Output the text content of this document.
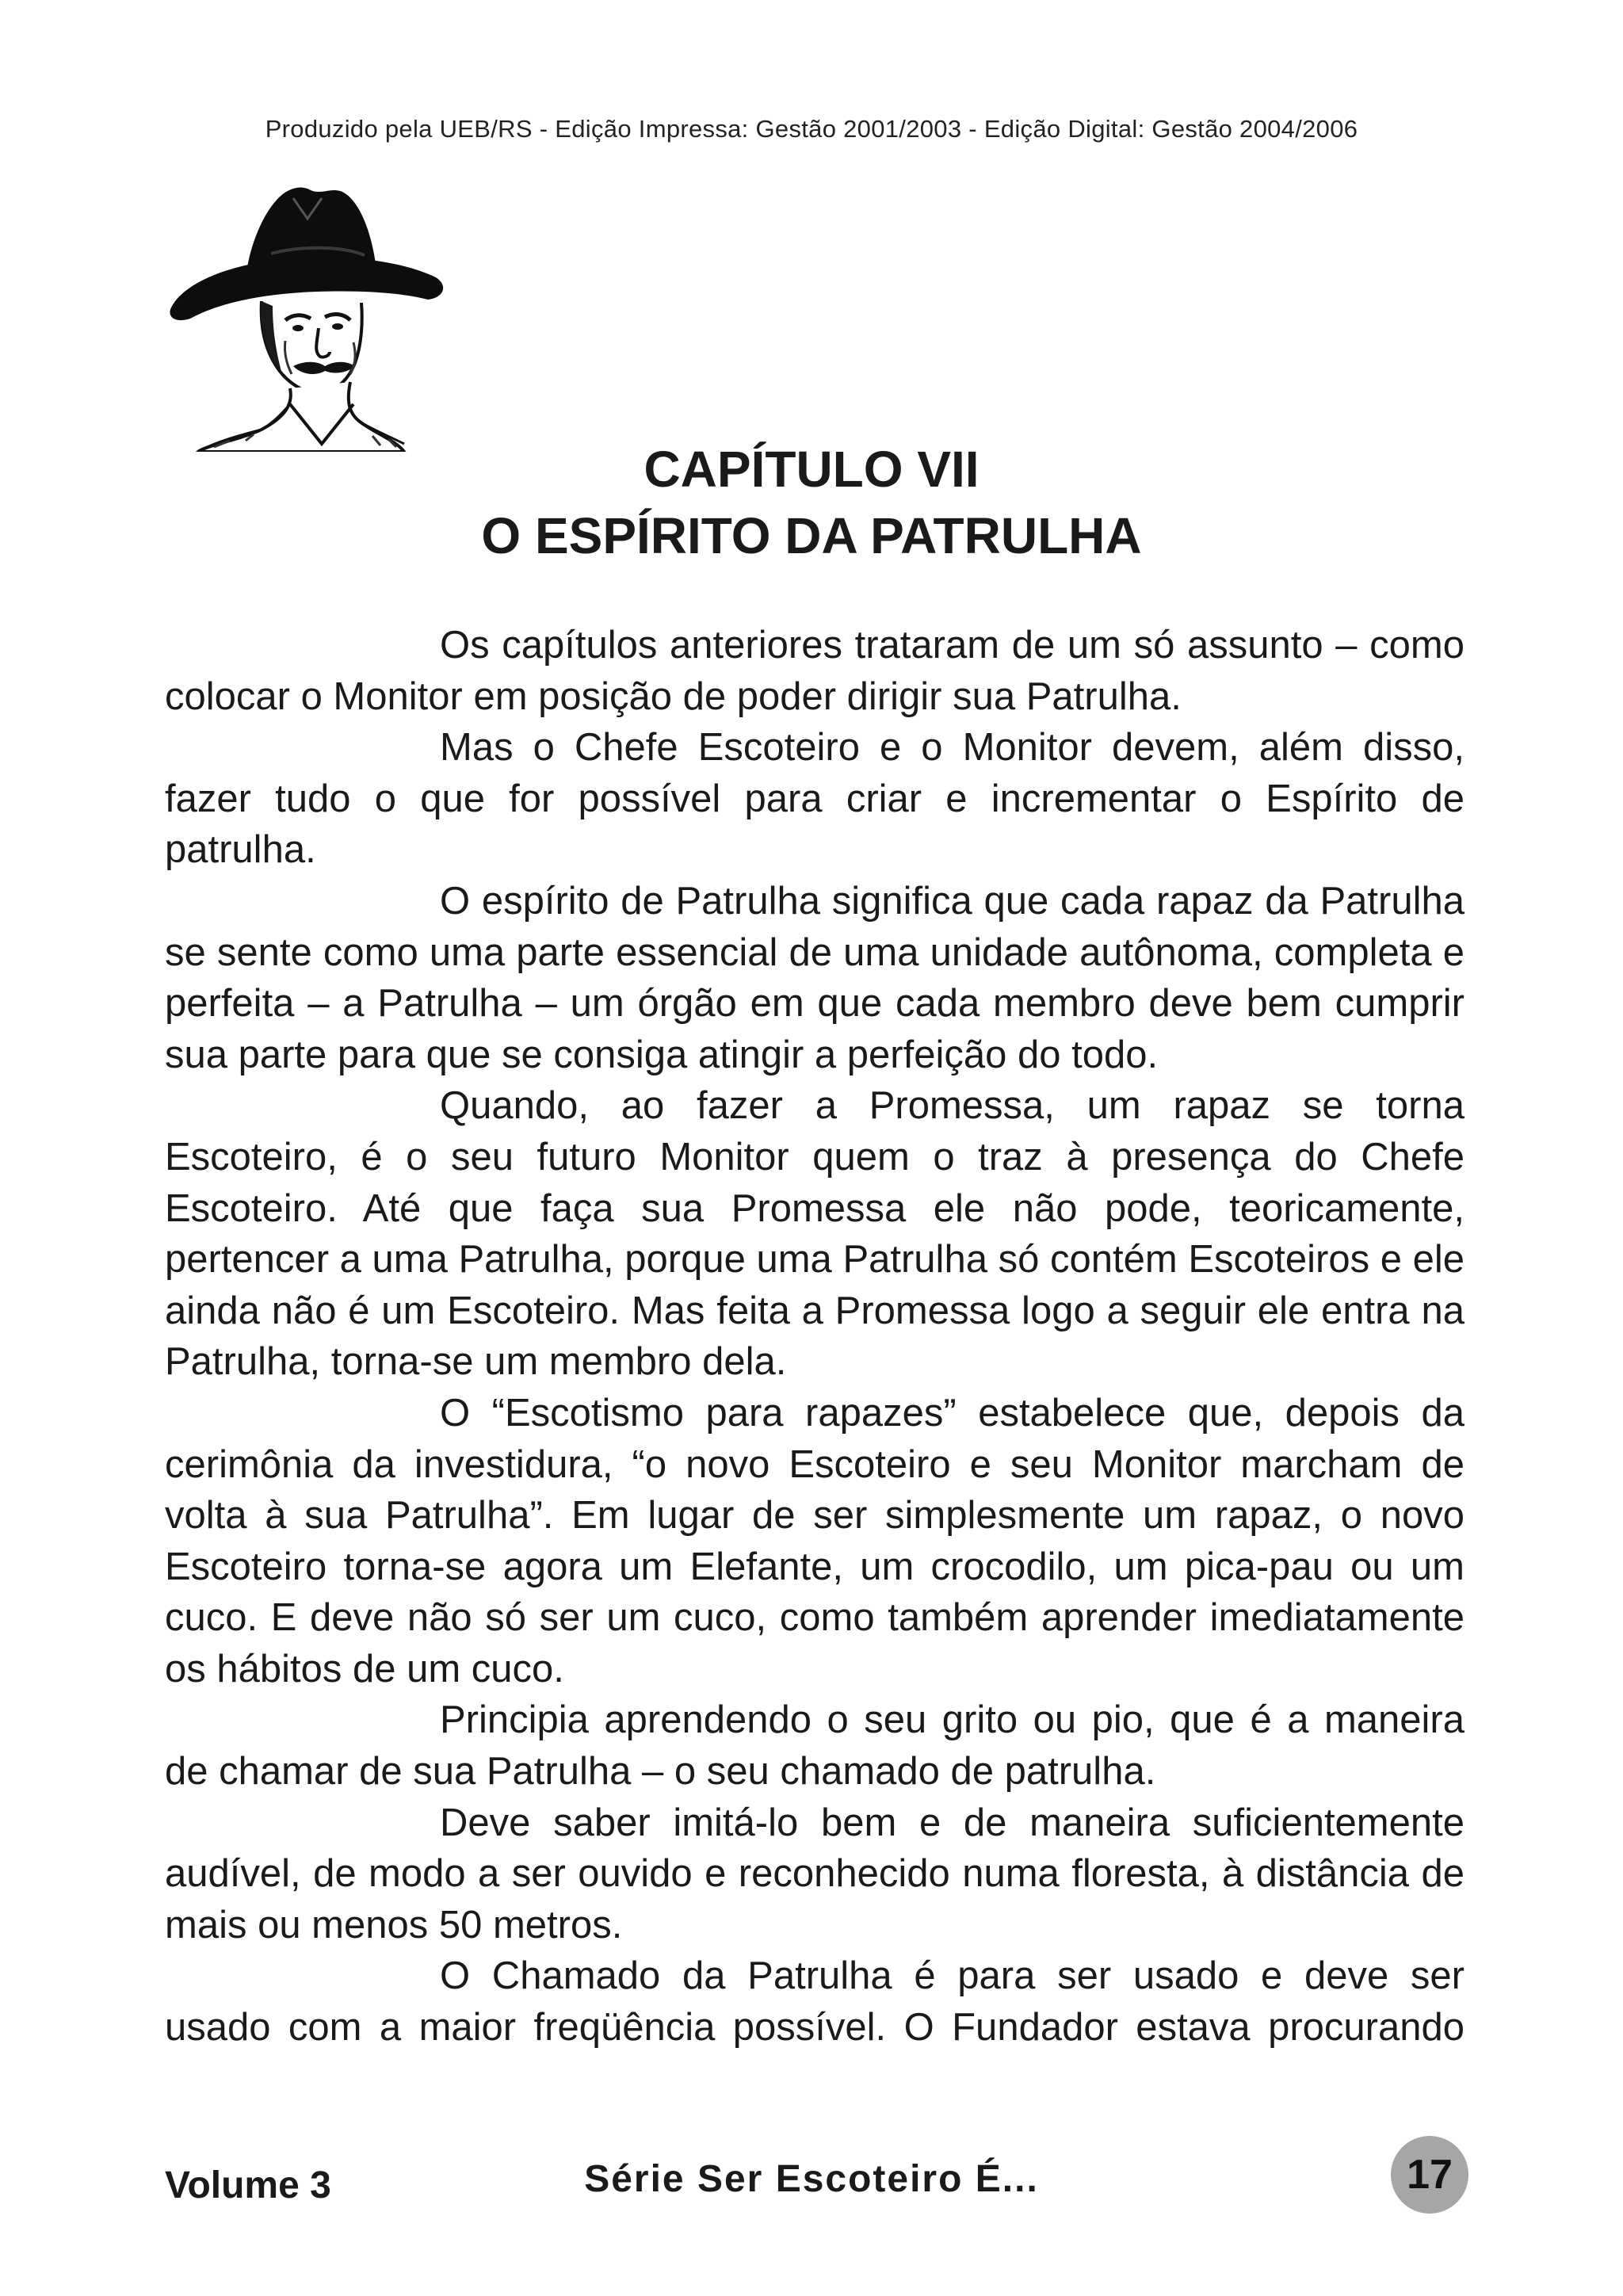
Produzido pela UEB/RS - Edição Impressa: Gestão 2001/2003 - Edição Digital: Gestão 2004/2006
CAPÍTULO VII
O ESPÍRITO DA PATRULHA

Os capítulos anteriores trataram de um só assunto – como colocar o Monitor em posição de poder dirigir sua Patrulha.

Mas o Chefe Escoteiro e o Monitor devem, além disso, fazer tudo o que for possível para criar e incrementar o Espírito de patrulha.

O espírito de Patrulha significa que cada rapaz da Patrulha se sente como uma parte essencial de uma unidade autônoma, completa e perfeita – a Patrulha – um órgão em que cada membro deve bem cumprir sua parte para que se consiga atingir a perfeição do todo.

Quando, ao fazer a Promessa, um rapaz se torna Escoteiro, é o seu futuro Monitor quem o traz à presença do Chefe Escoteiro. Até que faça sua Promessa ele não pode, teoricamente, pertencer a uma Patrulha, porque uma Patrulha só contém Escoteiros e ele ainda não é um Escoteiro. Mas feita a Promessa logo a seguir ele entra na Patrulha, torna-se um membro dela.

O “Escotismo para rapazes” estabelece que, depois da cerimônia da investidura, “o novo Escoteiro e seu Monitor marcham de volta à sua Patrulha”. Em lugar de ser simplesmente um rapaz, o novo Escoteiro torna-se agora um Elefante, um crocodilo, um pica-pau ou um cuco. E deve não só ser um cuco, como também aprender imediatamente os hábitos de um cuco.

Principia aprendendo o seu grito ou pio, que é a maneira de chamar de sua Patrulha – o seu chamado de patrulha.

Deve saber imitá-lo bem e de maneira suficientemente audível, de modo a ser ouvido e reconhecido numa floresta, à distância de mais ou menos 50 metros.

O Chamado da Patrulha é para ser usado e deve ser usado com a maior freqüência possível. O Fundador estava procurando

Volume 3	Série Ser Escoteiro É...	17
